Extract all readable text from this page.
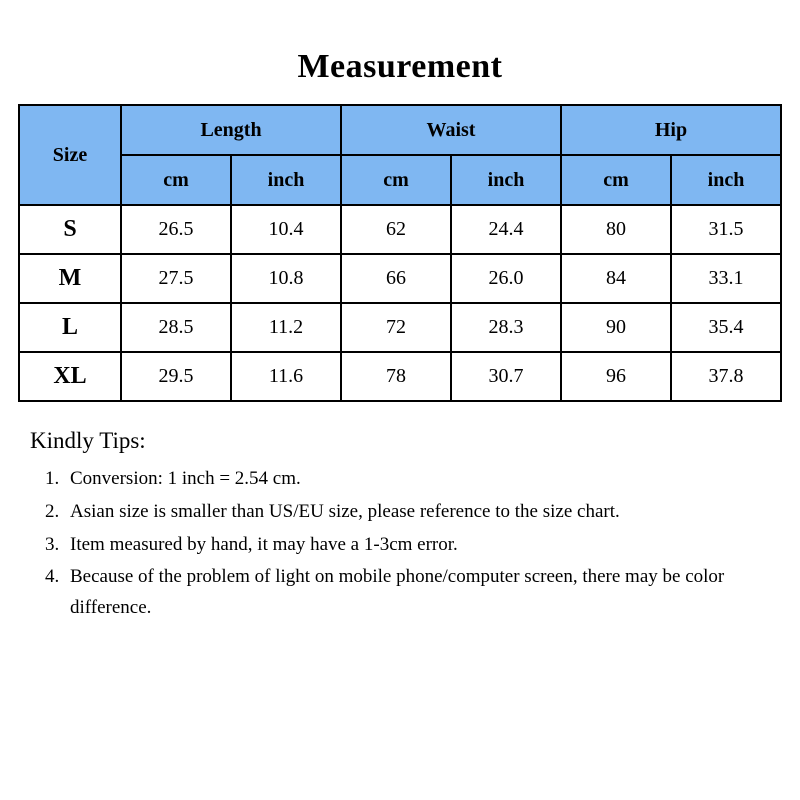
Measurement
Size	Length		Waist		Hip	
	cm	inch	cm	inch	cm	inch
S	26.5	10.4	62	24.4	80	31.5
M	27.5	10.8	66	26.0	84	33.1
L	28.5	11.2	72	28.3	90	35.4
XL	29.5	11.6	78	30.7	96	37.8
Kindly Tips:
1. Conversion: 1 inch = 2.54 cm.
2. Asian size is smaller than US/EU size, please reference to the size chart.
3. Item measured by hand, it may have a 1-3cm error.
4. Because of the problem of light on mobile phone/computer screen, there may be color difference.
